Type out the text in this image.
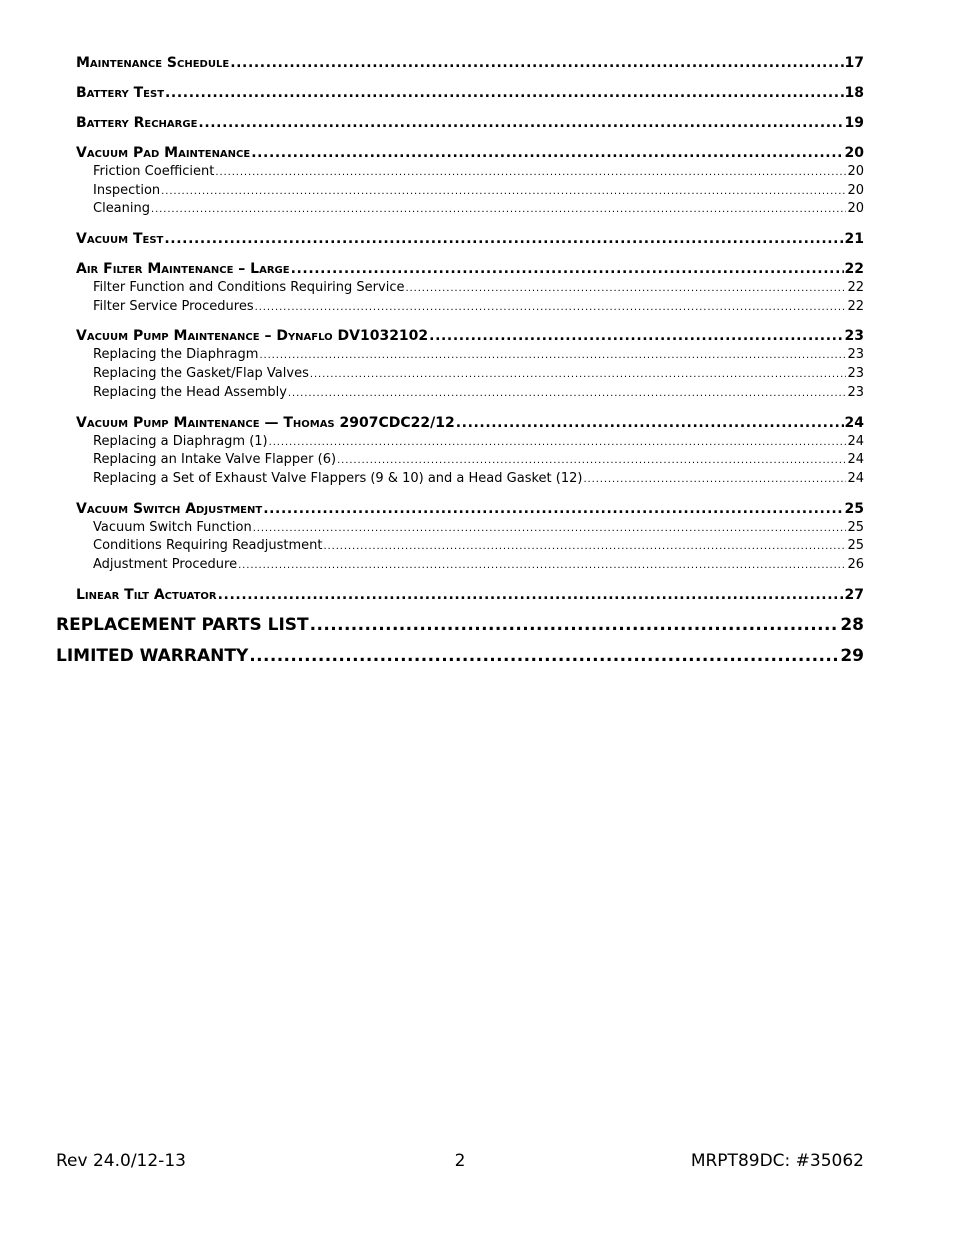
Maintenance Schedule .....	17
Battery Test .....	18
Battery Recharge .....	19
Vacuum Pad Maintenance .....	20
Friction Coefficient .....	20
Inspection .....	20
Cleaning .....	20
Vacuum Test .....	21
Air Filter Maintenance – Large .....	22
Filter Function and Conditions Requiring Service .....	22
Filter Service Procedures .....	22
Vacuum Pump Maintenance – Dynaflo DV1032102 .....	23
Replacing the Diaphragm .....	23
Replacing the Gasket/Flap Valves .....	23
Replacing the Head Assembly .....	23
Vacuum Pump Maintenance — Thomas 2907CDC22/12 .....	24
Replacing a Diaphragm (1) .....	24
Replacing an Intake Valve Flapper (6) .....	24
Replacing a Set of Exhaust Valve Flappers (9 & 10) and a Head Gasket (12) .....	24
Vacuum Switch Adjustment .....	25
Vacuum Switch Function .....	25
Conditions Requiring Readjustment .....	25
Adjustment Procedure .....	26
Linear Tilt Actuator .....	27
REPLACEMENT PARTS LIST .....	28
LIMITED WARRANTY .....	29
Rev 24.0/12-13	2	MRPT89DC: #35062
